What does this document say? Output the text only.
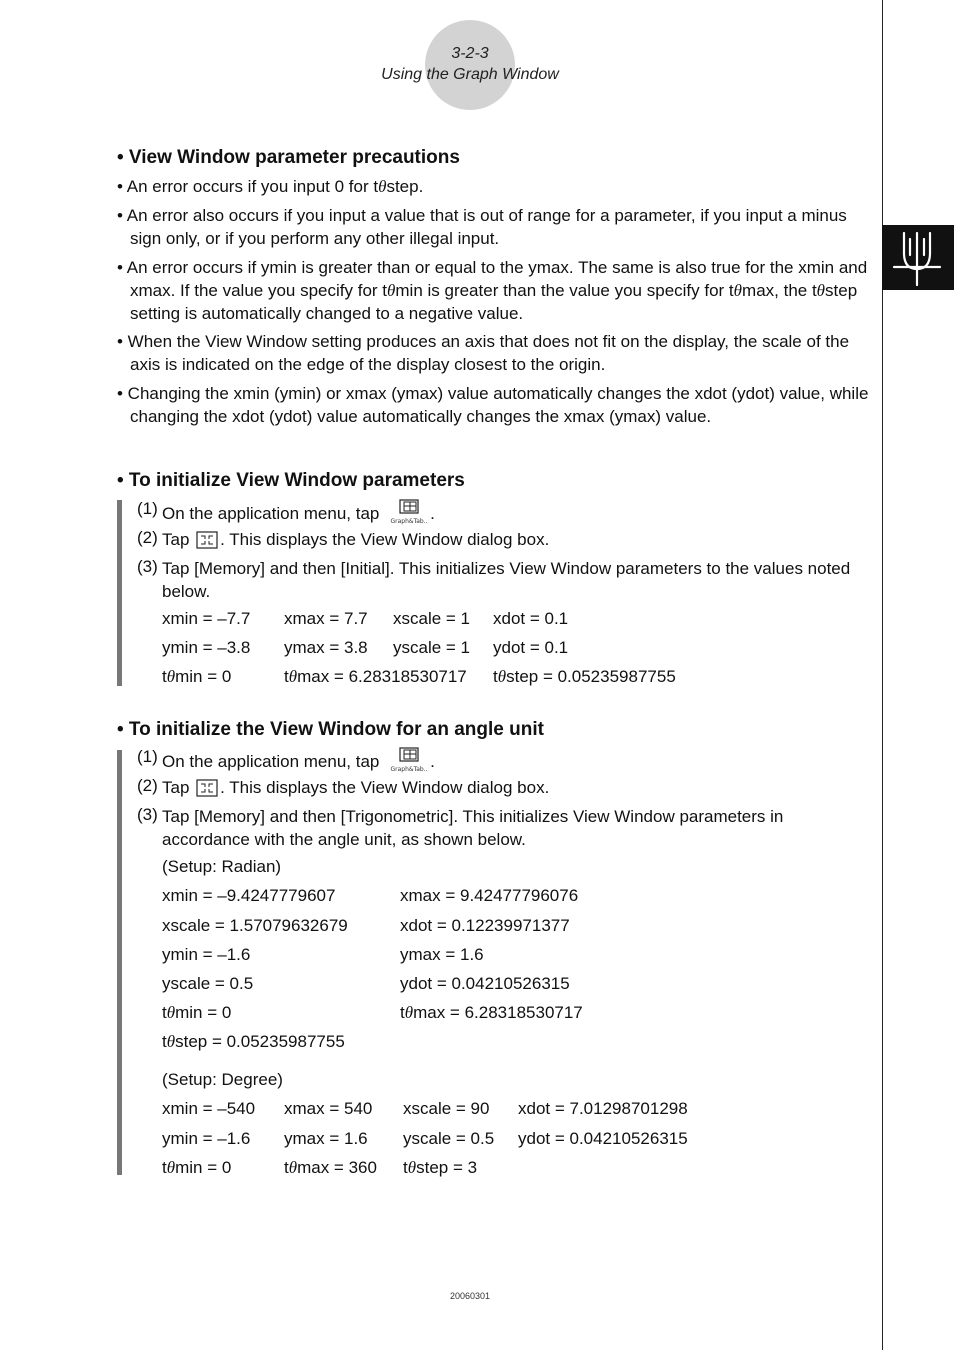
3-2-3
Using the Graph Window
• View Window parameter precautions
• An error occurs if you input 0 for tθstep.
• An error also occurs if you input a value that is out of range for a parameter, if you input a minus sign only, or if you perform any other illegal input.
• An error occurs if ymin is greater than or equal to the ymax. The same is also true for the xmin and xmax. If the value you specify for tθmin is greater than the value you specify for tθmax, the tθstep setting is automatically changed to a negative value.
• When the View Window setting produces an axis that does not fit on the display, the scale of the axis is indicated on the edge of the display closest to the origin.
• Changing the xmin (ymin) or xmax (ymax) value automatically changes the xdot (ydot) value, while changing the xdot (ydot) value automatically changes the xmax (ymax) value.
• To initialize View Window parameters
(1) On the application menu, tap Graph&Tab.. .
(2) Tap . This displays the View Window dialog box.
(3) Tap [Memory] and then [Initial]. This initializes View Window parameters to the values noted below.
xmin = –7.7 xmax = 7.7 xscale = 1 xdot = 0.1
ymin = –3.8 ymax = 3.8 yscale = 1 ydot = 0.1
tθmin = 0	tθmax = 6.28318530717 tθstep = 0.05235987755
• To initialize the View Window for an angle unit
(1) On the application menu, tap Graph&Tab.. .
(2) Tap . This displays the View Window dialog box.
(3) Tap [Memory] and then [Trigonometric]. This initializes View Window parameters in accordance with the angle unit, as shown below.
(Setup: Radian)
xmin = –9.4247779607	xmax = 9.42477796076
xscale = 1.57079632679	xdot = 0.12239971377
ymin = –1.6	ymax = 1.6
yscale = 0.5	ydot = 0.04210526315
tθmin = 0	tθmax = 6.28318530717
tθstep = 0.05235987755
(Setup: Degree)
xmin = –540 xmax = 540 xscale = 90 xdot = 7.01298701298
ymin = –1.6 ymax = 1.6 yscale = 0.5 ydot = 0.04210526315
tθmin = 0	tθmax = 360 tθstep = 3
20060301
